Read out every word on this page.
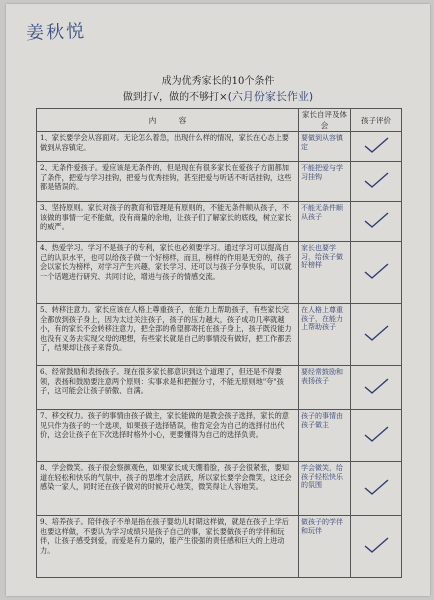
姜秋悦
成为优秀家长的10个条件
做到打√，做的不够打×(六月份家长作业)
内　　　容	家长自评及体会	孩子评价
1、家长要学会从容面对。无论怎么着急，出现什么样的情况，家长在心态上要做到从容镇定。	要做到从容镇定	
2、无条件爱孩子。爱应该是无条件的，但是现在有很多家长在爱孩子方面都加了条件，把爱与学习挂钩，把爱与优秀挂钩，甚至把爱与听话不听话挂钩，这些都是错误的。	不能把爱与学习挂钩	
3、坚持原则。家长对孩子的教育和管理是有原则的，不能无条件顺从孩子，不该做的事情一定不能做，没有商量的余地，让孩子们了解家长的底线，树立家长的威严。	不能无条件顺从孩子	
4、热爱学习。学习不是孩子的专利，家长也必须要学习。通过学习可以提高自己的认识水平，也可以给孩子做一个好榜样，而且，榜样的作用是无穷的，孩子会以家长为榜样，对学习产生兴趣，家长学习、还可以与孩子分享快乐，可以就一个话题进行研究、共同讨论，增进与孩子的情感交流。	家长也要学习，给孩子做好榜样	
5、转移注意力。家长应该在人格上尊重孩子，在能力上帮助孩子，有些家长完全都放到孩子身上，因为太过关注孩子，孩子的压力越大，孩子成功几率就越小，有的家长不会转移注意力，把全部的希望都寄托在孩子身上，孩子既没能力也没有义务去实现父母的理想，有些家长就是自己的事情没有做好，把工作都丢了，结果却让孩子来背负。	在人格上尊重孩子，在能力上帮助孩子	
6、经常鼓励和表扬孩子。现在很多家长都意识到这个道理了，但还是不得要领，表扬和鼓励要注意两个原则：实事求是和把握分寸，不能无原则地"夸"孩子，这可能会让孩子骄傲、自满。	要经常鼓励和表扬孩子	
7、移交权力。孩子的事情由孩子做主，家长能做的是教会孩子选择，家长的意见只作为孩子的一个选项，如果孩子选择错误，他肯定会为自己的选择付出代价，这会让孩子在下次选择时格外小心，更要懂得为自己的选择负责。	孩子的事情由孩子做主	
8、学会微笑。孩子很会察颜观色，如果家长成天绷着脸，孩子会很紧张，要知道在轻松和快乐的气氛中，孩子的思维才会活跃，所以家长要学会微笑，这还会感染一家人，同时还在孩子做对的时候开心地笑，微笑得让人容地笑。	学会微笑，给孩子轻松快乐的氛围	
9、培养孩子。陪伴孩子不单是指在孩子婴幼儿时期这样做，就是在孩子上学后也要这样做，不要认为学习成绩只是孩子自己的事，家长要做孩子的学伴和玩伴，让孩子感受到爱，而爱是有力量的，能产生很强的责任感和巨大的上进动力。	做孩子的学伴和玩伴	
